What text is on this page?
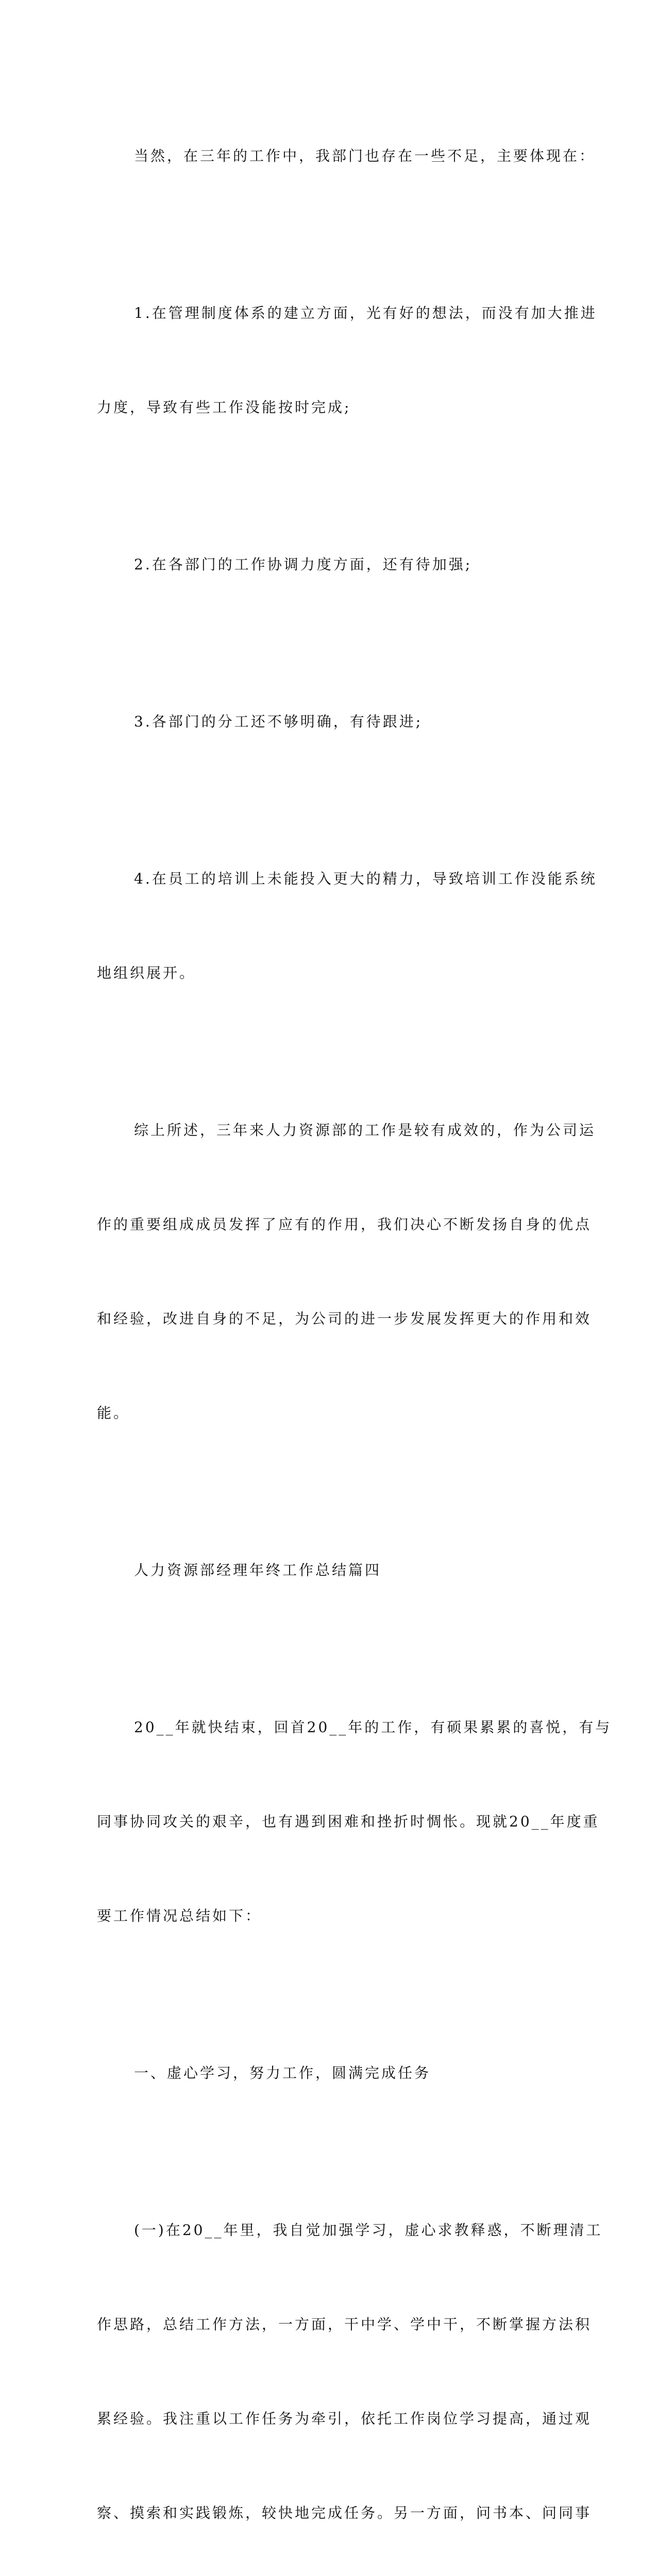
当然，在三年的工作中，我部门也存在一些不足，主要体现在：

1.在管理制度体系的建立方面，光有好的想法，而没有加大推进

力度，导致有些工作没能按时完成;

2.在各部门的工作协调力度方面，还有待加强;

3.各部门的分工还不够明确，有待跟进;

4.在员工的培训上未能投入更大的精力，导致培训工作没能系统

地组织展开。

综上所述，三年来人力资源部的工作是较有成效的，作为公司运

作的重要组成成员发挥了应有的作用，我们决心不断发扬自身的优点

和经验，改进自身的不足，为公司的进一步发展发挥更大的作用和效

能。

人力资源部经理年终工作总结篇四

20__年就快结束，回首20__年的工作，有硕果累累的喜悦，有与

同事协同攻关的艰辛，也有遇到困难和挫折时惆怅。现就20__年度重

要工作情况总结如下：

一、虚心学习，努力工作，圆满完成任务

(一)在20__年里，我自觉加强学习，虚心求教释惑，不断理清工

作思路，总结工作方法，一方面，干中学、学中干，不断掌握方法积

累经验。我注重以工作任务为牵引，依托工作岗位学习提高，通过观

察、摸索和实践锻炼，较快地完成任务。另一方面，问书本、问同事
